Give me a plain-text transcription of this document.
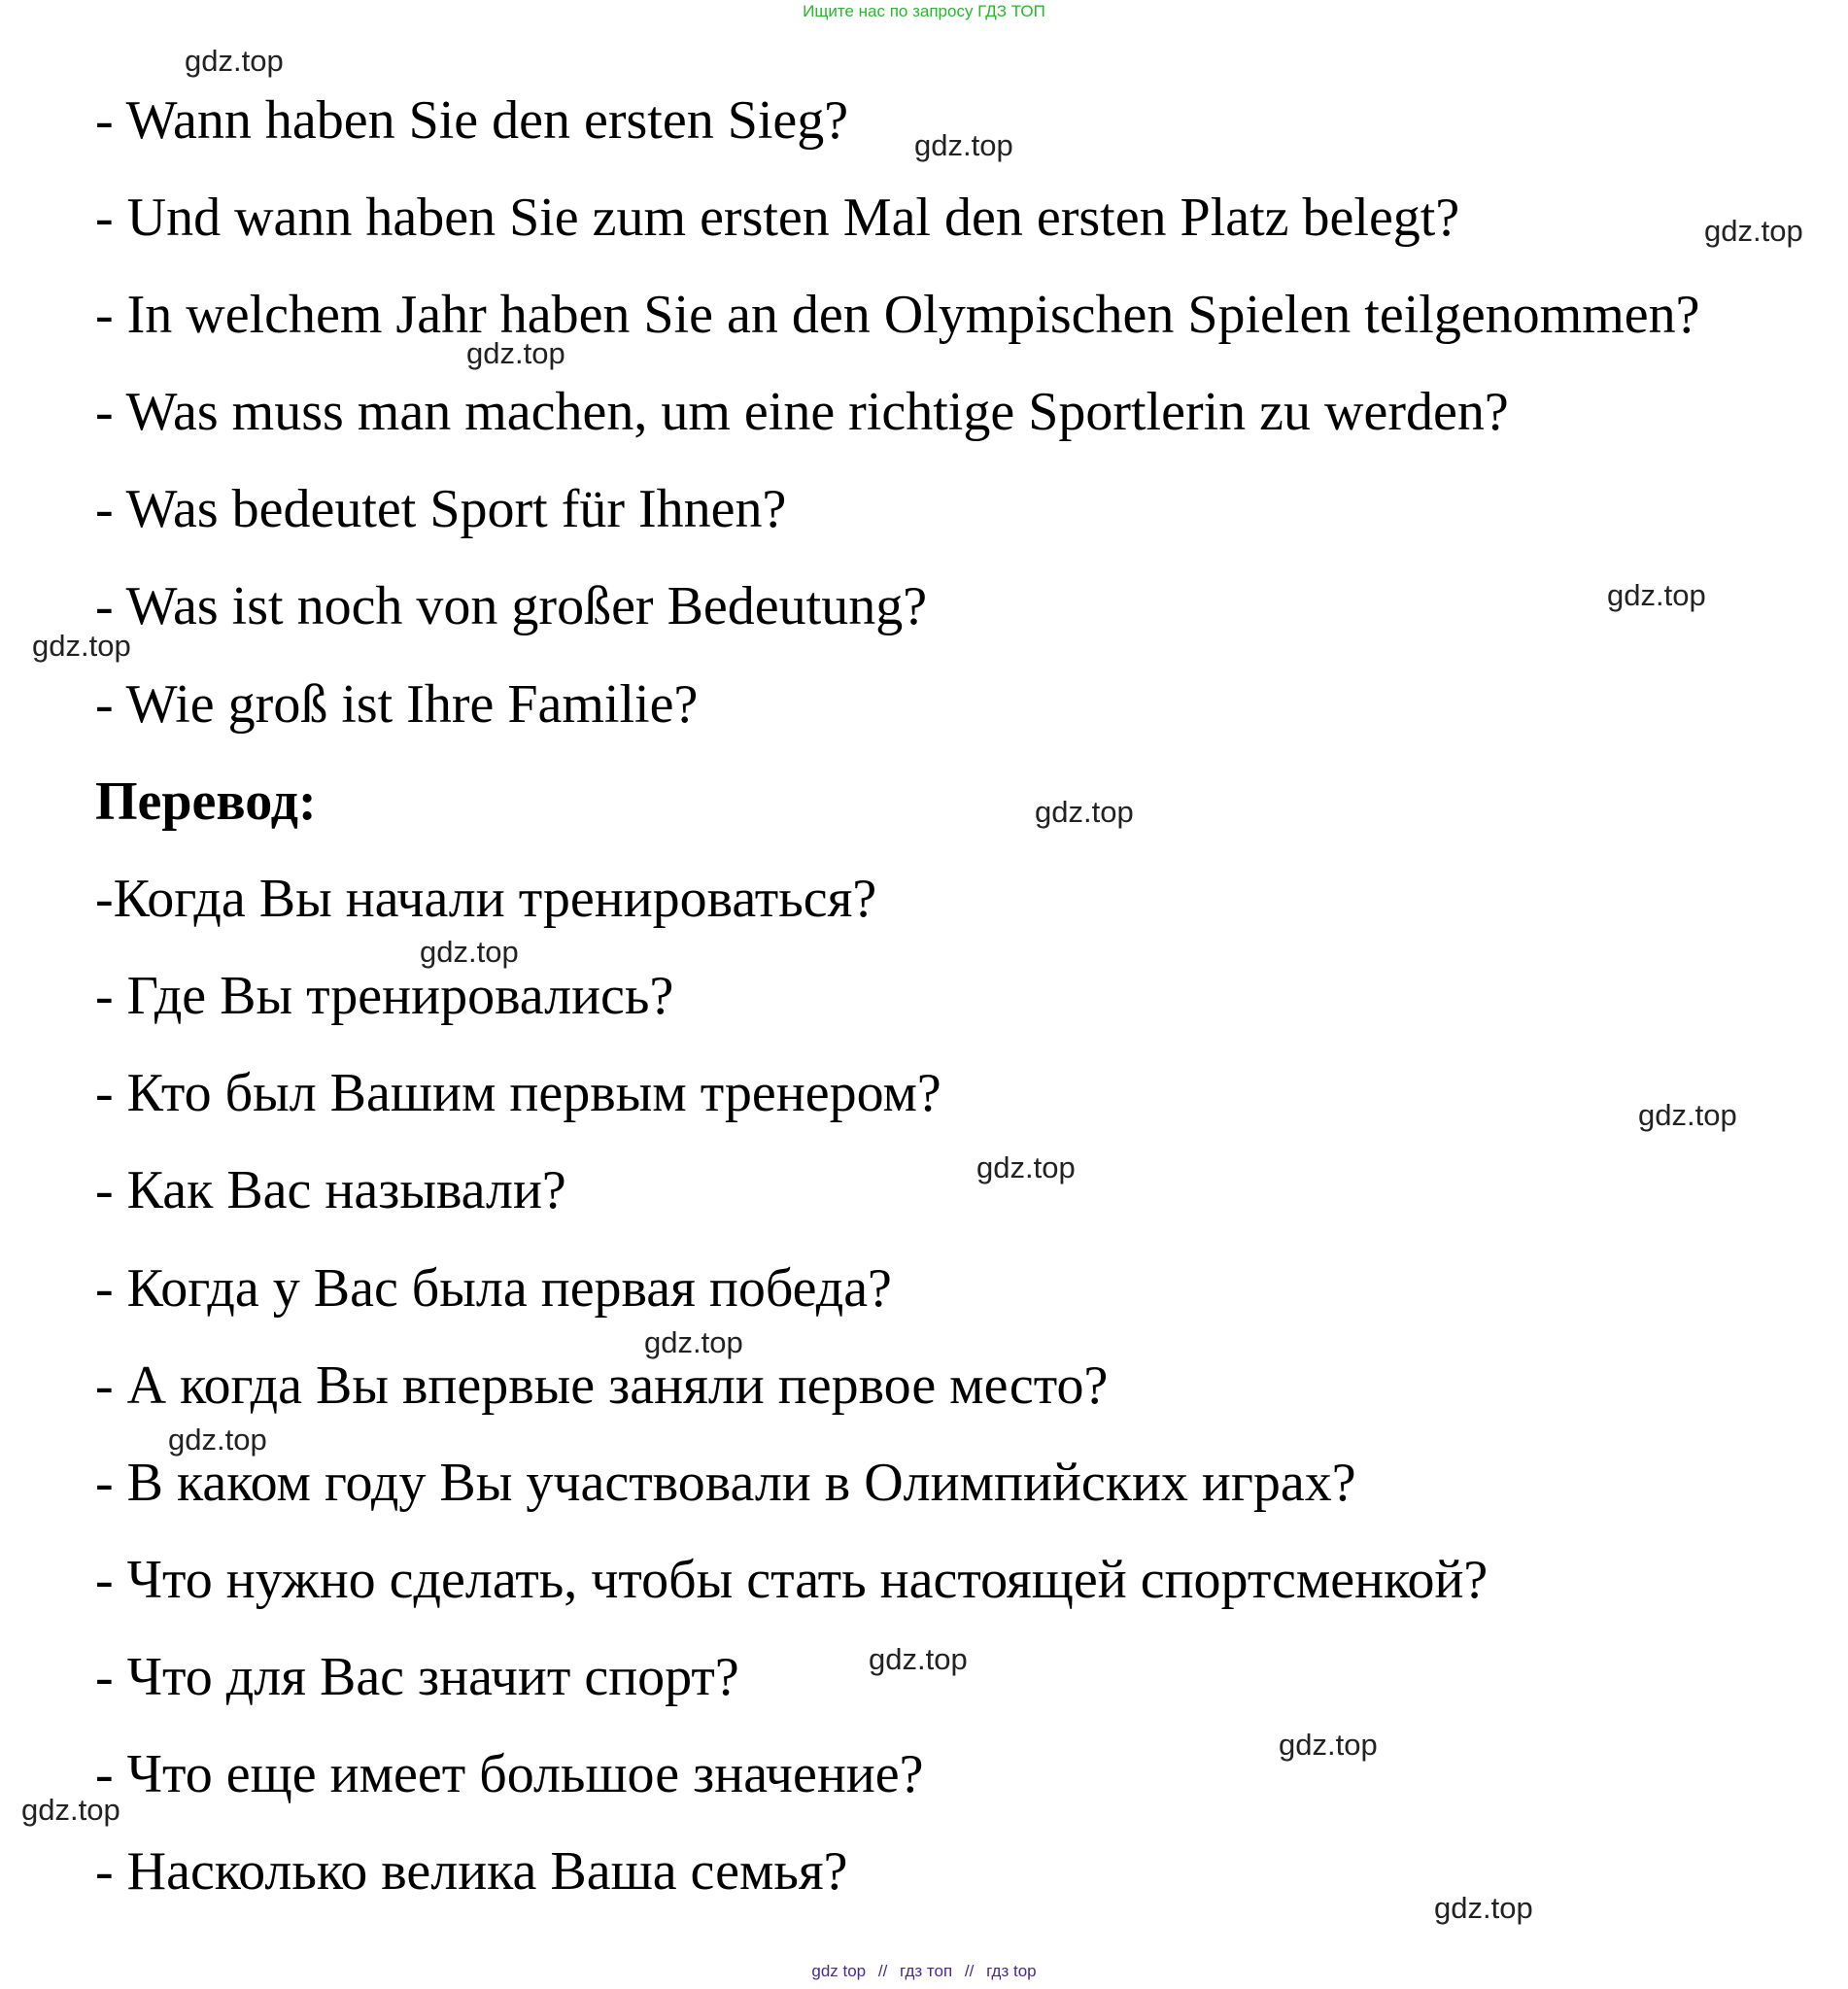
Ищите нас по запросу ГДЗ ТОП
- Wann haben Sie den ersten Sieg?
- Und wann haben Sie zum ersten Mal den ersten Platz belegt?
- In welchem Jahr haben Sie an den Olympischen Spielen teilgenommen?
- Was muss man machen, um eine richtige Sportlerin zu werden?
- Was bedeutet Sport für Ihnen?
- Was ist noch von großer Bedeutung?
- Wie groß ist Ihre Familie?
Перевод:
-Когда Вы начали тренироваться?
- Где Вы тренировались?
- Кто был Вашим первым тренером?
- Как Вас называли?
- Когда у Вас была первая победа?
- А когда Вы впервые заняли первое место?
- В каком году Вы участвовали в Олимпийских играх?
- Что нужно сделать, чтобы стать настоящей спортсменкой?
- Что для Вас значит спорт?
- Что еще имеет большое значение?
- Насколько велика Ваша семья?
gdz.top
gdz.top
gdz.top
gdz.top
gdz.top
gdz.top
gdz.top
gdz.top
gdz.top
gdz.top
gdz.top
gdz.top
gdz.top
gdz.top
gdz.top
gdz.top
gdz top // гдз топ // гдз top
